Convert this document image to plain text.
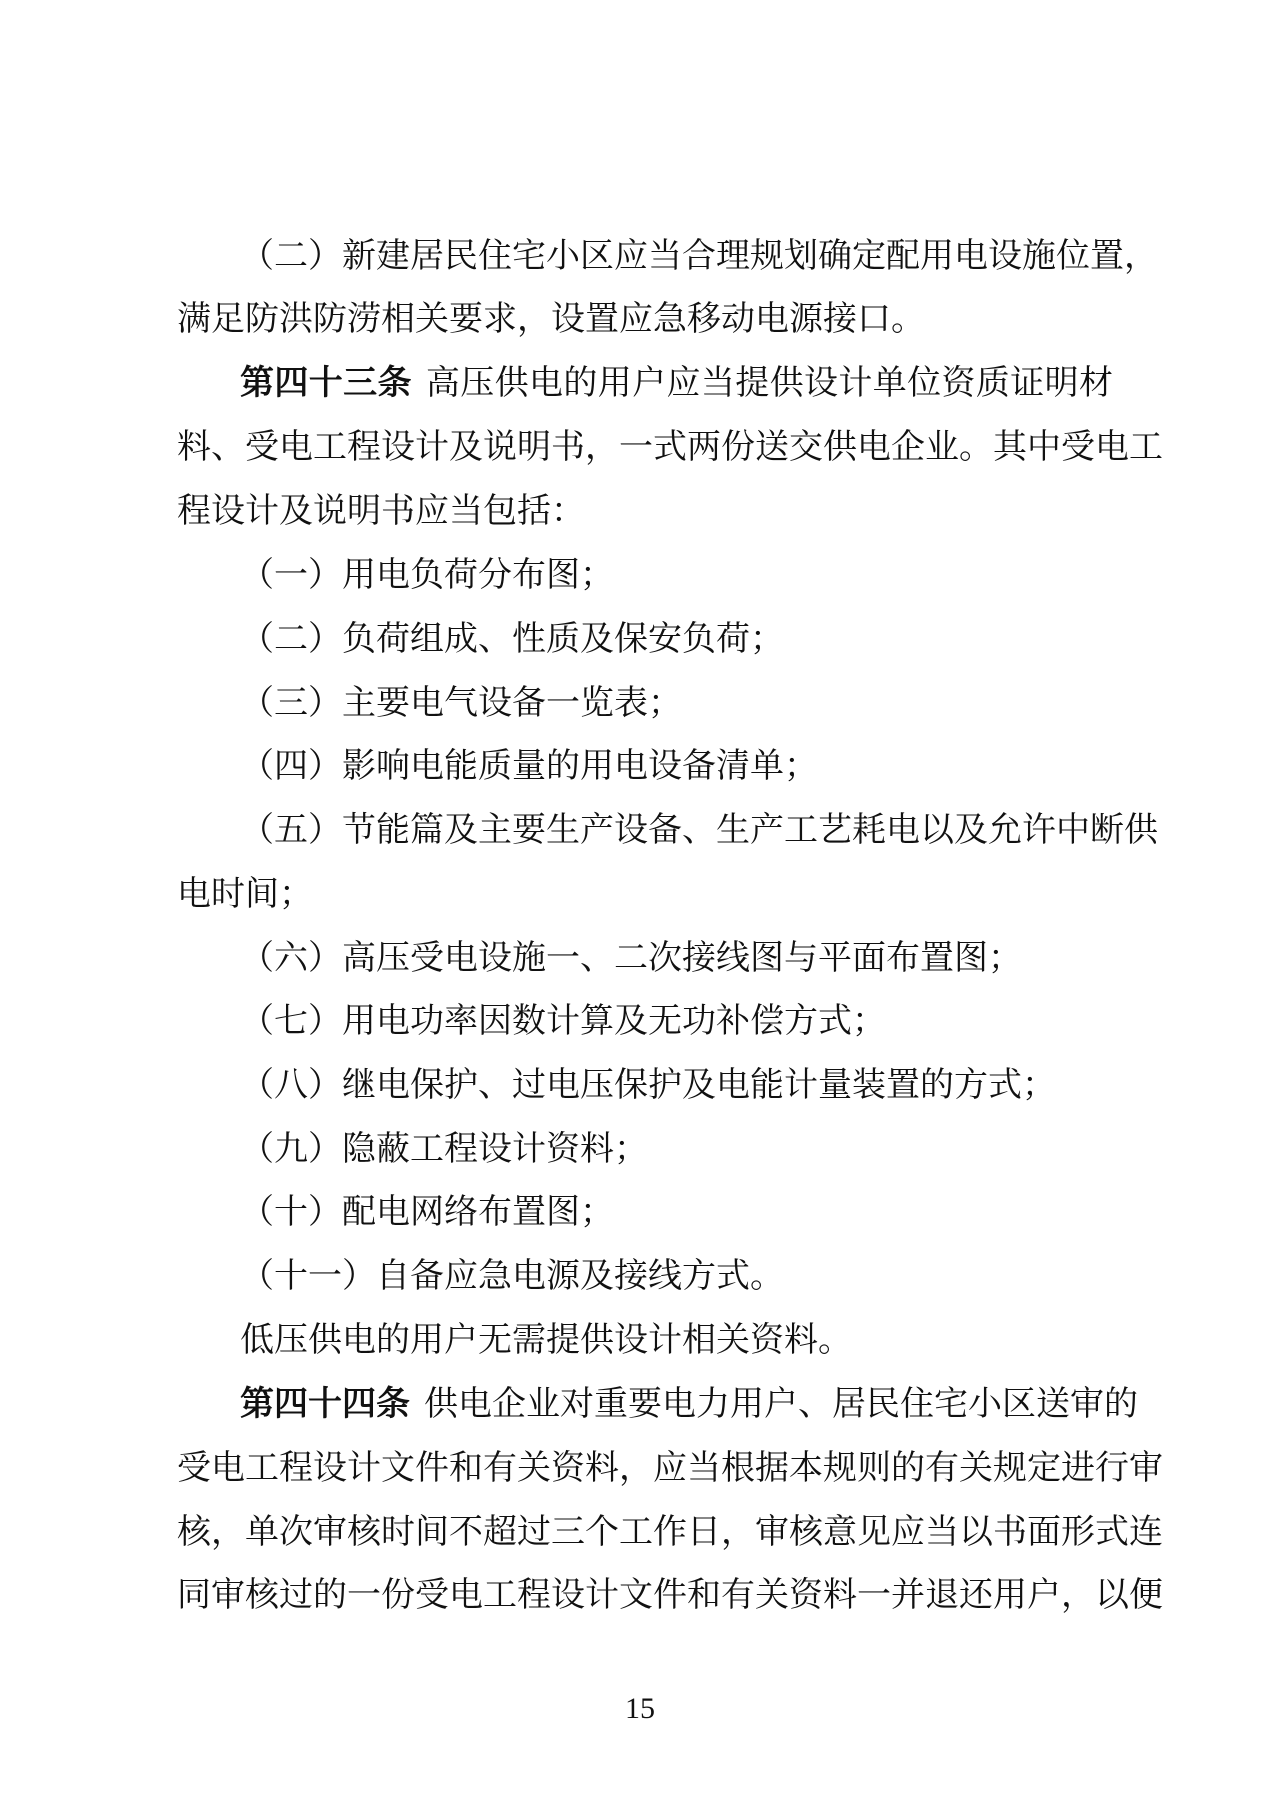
（二）新建居民住宅小区应当合理规划确定配用电设施位置，
满足防洪防涝相关要求，设置应急移动电源接口。
第四十三条 高压供电的用户应当提供设计单位资质证明材
料、受电工程设计及说明书，一式两份送交供电企业。其中受电工
程设计及说明书应当包括：
（一）用电负荷分布图；
（二）负荷组成、性质及保安负荷；
（三）主要电气设备一览表；
（四）影响电能质量的用电设备清单；
（五）节能篇及主要生产设备、生产工艺耗电以及允许中断供
电时间；
（六）高压受电设施一、二次接线图与平面布置图；
（七）用电功率因数计算及无功补偿方式；
（八）继电保护、过电压保护及电能计量装置的方式；
（九）隐蔽工程设计资料；
（十）配电网络布置图；
（十一）自备应急电源及接线方式。
低压供电的用户无需提供设计相关资料。
第四十四条 供电企业对重要电力用户、居民住宅小区送审的
受电工程设计文件和有关资料，应当根据本规则的有关规定进行审
核，单次审核时间不超过三个工作日，审核意见应当以书面形式连
同审核过的一份受电工程设计文件和有关资料一并退还用户，以便
15
